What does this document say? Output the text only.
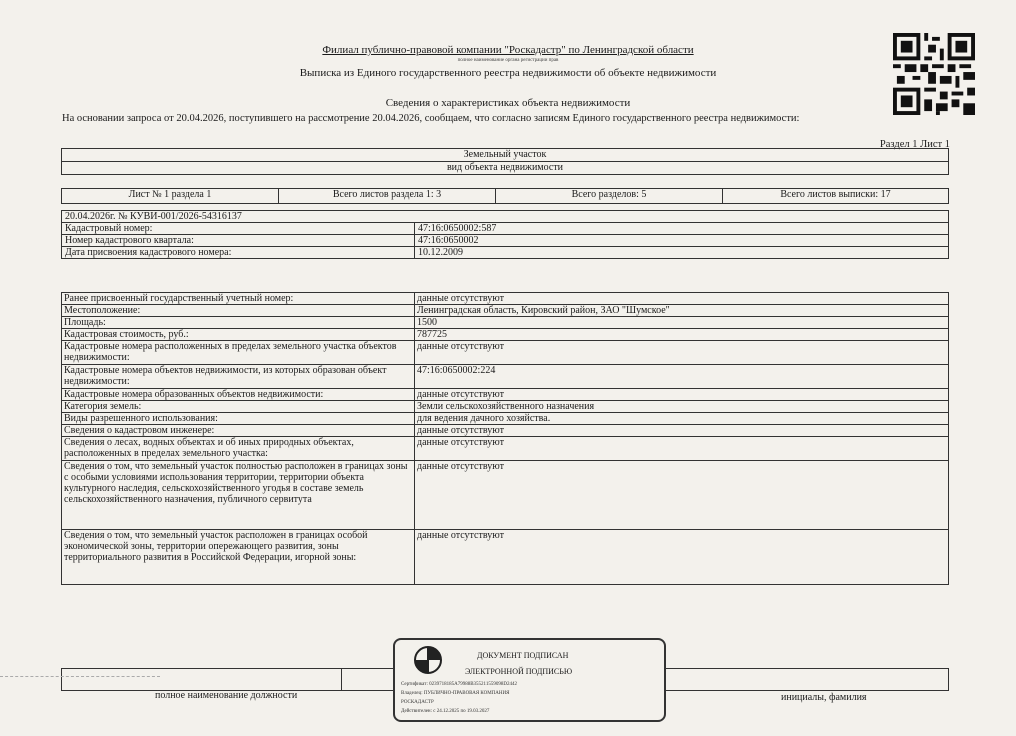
Филиал публично-правовой компании "Роскадастр" по Ленинградской области
полное наименование органа регистрации прав
Выписка из Единого государственного реестра недвижимости об объекте недвижимости
Сведения о характеристиках объекта недвижимости
На основании запроса от 20.04.2026, поступившего на рассмотрение 20.04.2026, сообщаем, что согласно записям Единого государственного реестра недвижимости:
Раздел 1 Лист 1
Земельный участок
вид объекта недвижимости
Лист № 1 раздела 1	Всего листов раздела 1: 3	Всего разделов: 5	Всего листов выписки: 17
20.04.2026г. № КУВИ-001/2026-54316137	
Кадастровый номер:	47:16:0650002:587
Номер кадастрового квартала:	47:16:0650002
Дата присвоения кадастрового номера:	10.12.2009
Ранее присвоенный государственный учетный номер:	данные отсутствуют
Местоположение:	Ленинградская область, Кировский район, ЗАО "Шумское"
Площадь:	1500
Кадастровая стоимость, руб.:	787725
Кадастровые номера расположенных в пределах земельного участка объектов недвижимости:	данные отсутствуют
Кадастровые номера объектов недвижимости, из которых образован объект недвижимости:	47:16:0650002:224
Кадастровые номера образованных объектов недвижимости:	данные отсутствуют
Категория земель:	Земли сельскохозяйственного назначения
Виды разрешенного использования:	для ведения дачного хозяйства.
Сведения о кадастровом инженере:	данные отсутствуют
Сведения о лесах, водных объектах и об иных природных объектах, расположенных в пределах земельного участка:	данные отсутствуют
Сведения о том, что земельный участок полностью расположен в границах зоны с особыми условиями использования территории, территории объекта культурного наследия, сельскохозяйственного угодья в составе земель сельскохозяйственного назначения, публичного сервитута	данные отсутствуют
Сведения о том, что земельный участок расположен в границах особой экономической зоны, территории опережающего развития, зоны территориального развития в Российской Федерации, игорной зоны:	данные отсутствуют
полное наименование должности	инициалы, фамилия
ДОКУМЕНТ ПОДПИСАН
ЭЛЕКТРОННОЙ ПОДПИСЬЮ
Сертификат: 0239718185A79988B355211559098D2442
Владелец: ПУБЛИЧНО-ПРАВОВАЯ КОМПАНИЯ
РОСКАДАСТР
Действителен: с 24.12.2025 по 19.03.2027
